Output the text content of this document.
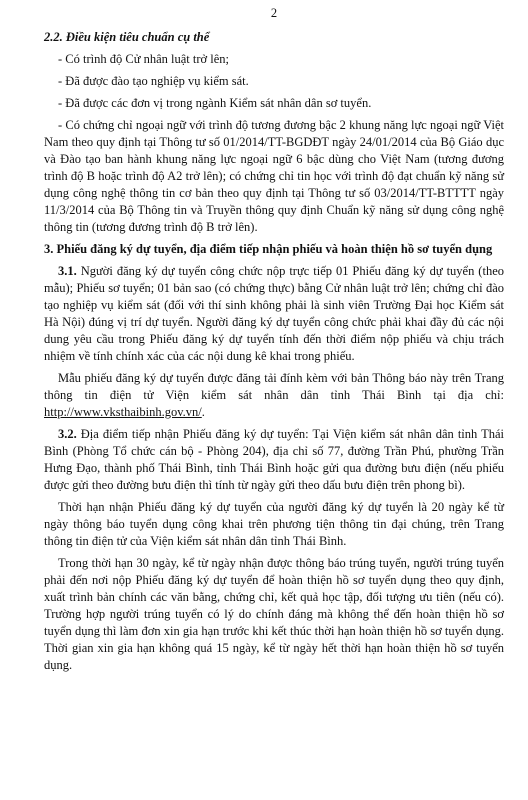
2
2.2. Điều kiện tiêu chuẩn cụ thể

- Có trình độ Cử nhân luật trở lên;

- Đã được đào tạo nghiệp vụ kiểm sát.

- Đã được các đơn vị trong ngành Kiểm sát nhân dân sơ tuyển.

- Có chứng chỉ ngoại ngữ với trình độ tương đương bậc 2 khung năng lực ngoại ngữ Việt Nam theo quy định tại Thông tư số 01/2014/TT-BGDĐT ngày 24/01/2014 của Bộ Giáo dục và Đào tạo ban hành khung năng lực ngoại ngữ 6 bậc dùng cho Việt Nam (tương đương trình độ B hoặc trình độ A2 trở lên); có chứng chỉ tin học với trình độ đạt chuẩn kỹ năng sử dụng công nghệ thông tin cơ bản theo quy định tại Thông tư số 03/2014/TT-BTTTT ngày 11/3/2014 của Bộ Thông tin và Truyền thông quy định Chuẩn kỹ năng sử dụng công nghệ thông tin (tương đương trình độ B trở lên).

3. Phiếu đăng ký dự tuyển, địa điểm tiếp nhận phiếu và hoàn thiện hồ sơ tuyển dụng

3.1. Người đăng ký dự tuyển công chức nộp trực tiếp 01 Phiếu đăng ký dự tuyển (theo mẫu); Phiếu sơ tuyển; 01 bản sao (có chứng thực) bằng Cử nhân luật trở lên; chứng chỉ đào tạo nghiệp vụ kiểm sát (đối với thí sinh không phải là sinh viên Trường Đại học Kiểm sát Hà Nội) đúng vị trí dự tuyển. Người đăng ký dự tuyển công chức phải khai đầy đủ các nội dung yêu cầu trong Phiếu đăng ký dự tuyển tính đến thời điểm nộp phiếu và chịu trách nhiệm về tính chính xác của các nội dung kê khai trong phiếu.

Mẫu phiếu đăng ký dự tuyển được đăng tải đính kèm với bản Thông báo này trên Trang thông tin điện tử Viện kiểm sát nhân dân tỉnh Thái Bình tại địa chỉ: http://www.vksthaibinh.gov.vn/.

3.2. Địa điểm tiếp nhận Phiếu đăng ký dự tuyển: Tại Viện kiểm sát nhân dân tỉnh Thái Bình (Phòng Tổ chức cán bộ - Phòng 204), địa chỉ số 77, đường Trần Phú, phường Trần Hưng Đạo, thành phố Thái Bình, tỉnh Thái Bình hoặc gửi qua đường bưu điện (nếu phiếu được gửi theo đường bưu điện thì tính từ ngày gửi theo dấu bưu điện trên phong bì).

Thời hạn nhận Phiếu đăng ký dự tuyển của người đăng ký dự tuyển là 20 ngày kể từ ngày thông báo tuyển dụng công khai trên phương tiện thông tin đại chúng, trên Trang thông tin điện tử của Viện kiểm sát nhân dân tỉnh Thái Bình.

Trong thời hạn 30 ngày, kể từ ngày nhận được thông báo trúng tuyển, người trúng tuyển phải đến nơi nộp Phiếu đăng ký dự tuyển để hoàn thiện hồ sơ tuyển dụng theo quy định, xuất trình bản chính các văn bằng, chứng chỉ, kết quả học tập, đối tượng ưu tiên (nếu có). Trường hợp người trúng tuyển có lý do chính đáng mà không thể đến hoàn thiện hồ sơ tuyển dụng thì làm đơn xin gia hạn trước khi kết thúc thời hạn hoàn thiện hồ sơ tuyển dụng. Thời gian xin gia hạn không quá 15 ngày, kể từ ngày hết thời hạn hoàn thiện hồ sơ tuyển dụng.
